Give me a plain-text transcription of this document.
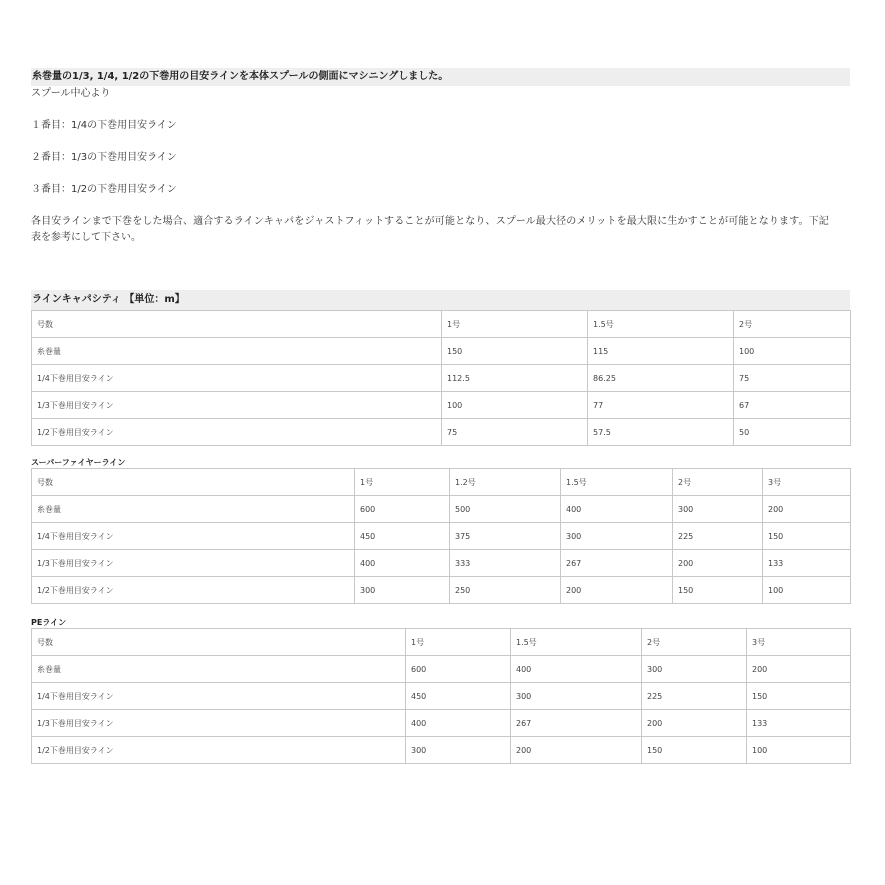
糸巻量の1/3, 1/4, 1/2の下巻用の目安ラインを本体スプールの側面にマシニングしました。

スプール中心より

１番目：1/4の下巻用目安ライン

２番目：1/3の下巻用目安ライン

３番目：1/2の下巻用目安ライン

各目安ラインまで下巻をした場合、適合するラインキャパをジャストフィットすることが可能となり、スプール最大径のメリットを最大限に生かすことが可能となります。下記

表を参考にして下さい。

ラインキャパシティ 【単位：m】
号数	1号	1.5号	2号
糸巻量	150	115	100
1/4下巻用目安ライン	112.5	86.25	75
1/3下巻用目安ライン	100	77	67
1/2下巻用目安ライン	75	57.5	50
スーパーファイヤーライン
号数	1号	1.2号	1.5号	2号	3号
糸巻量	600	500	400	300	200
1/4下巻用目安ライン	450	375	300	225	150
1/3下巻用目安ライン	400	333	267	200	133
1/2下巻用目安ライン	300	250	200	150	100
PEライン
号数	1号	1.5号	2号	3号
糸巻量	600	400	300	200
1/4下巻用目安ライン	450	300	225	150
1/3下巻用目安ライン	400	267	200	133
1/2下巻用目安ライン	300	200	150	100
